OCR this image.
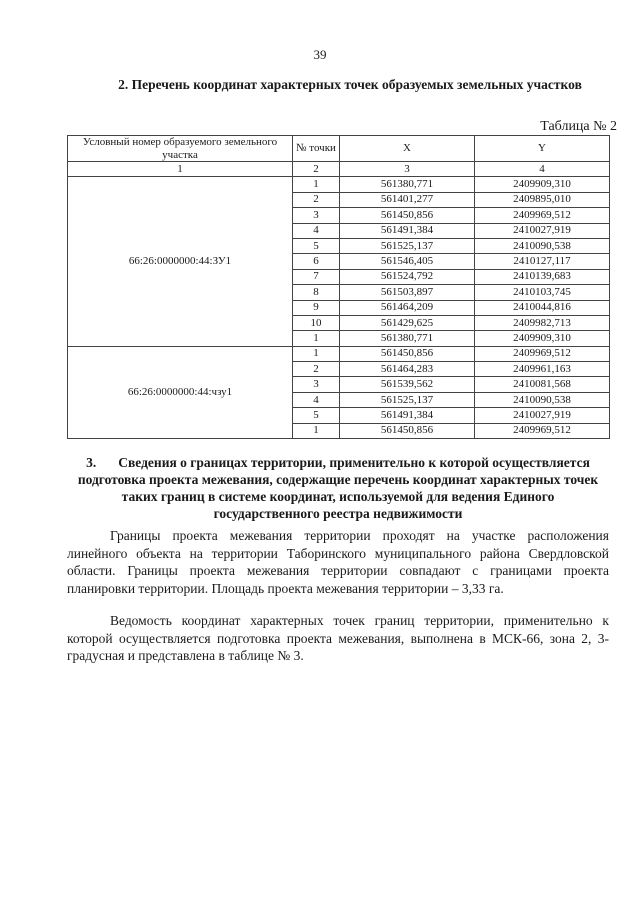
39
2. Перечень координат характерных точек образуемых земельных участков
Таблица № 2
Условный номер образуемого земельного участка	№ точки	X	Y
1	2	3	4
66:26:0000000:44:ЗУ1	1	561380,771	2409909,310
	2	561401,277	2409895,010
	3	561450,856	2409969,512
	4	561491,384	2410027,919
	5	561525,137	2410090,538
	6	561546,405	2410127,117
	7	561524,792	2410139,683
	8	561503,897	2410103,745
	9	561464,209	2410044,816
	10	561429,625	2409982,713
	1	561380,771	2409909,310
66:26:0000000:44:чзу1	1	561450,856	2409969,512
	2	561464,283	2409961,163
	3	561539,562	2410081,568
	4	561525,137	2410090,538
	5	561491,384	2410027,919
	1	561450,856	2409969,512
3. Сведения о границах территории, применительно к которой осуществляется подготовка проекта межевания, содержащие перечень координат характерных точек таких границ в системе координат, используемой для ведения Единого государственного реестра недвижимости
Границы проекта межевания территории проходят на участке расположения линейного объекта на территории Таборинского муниципального района Свердловской области. Границы проекта межевания территории совпадают с границами проекта планировки территории. Площадь проекта межевания территории – 3,33 га.
Ведомость координат характерных точек границ территории, применительно к которой осуществляется подготовка проекта межевания, выполнена в МСК-66, зона 2, 3-градусная и представлена в таблице № 3.
